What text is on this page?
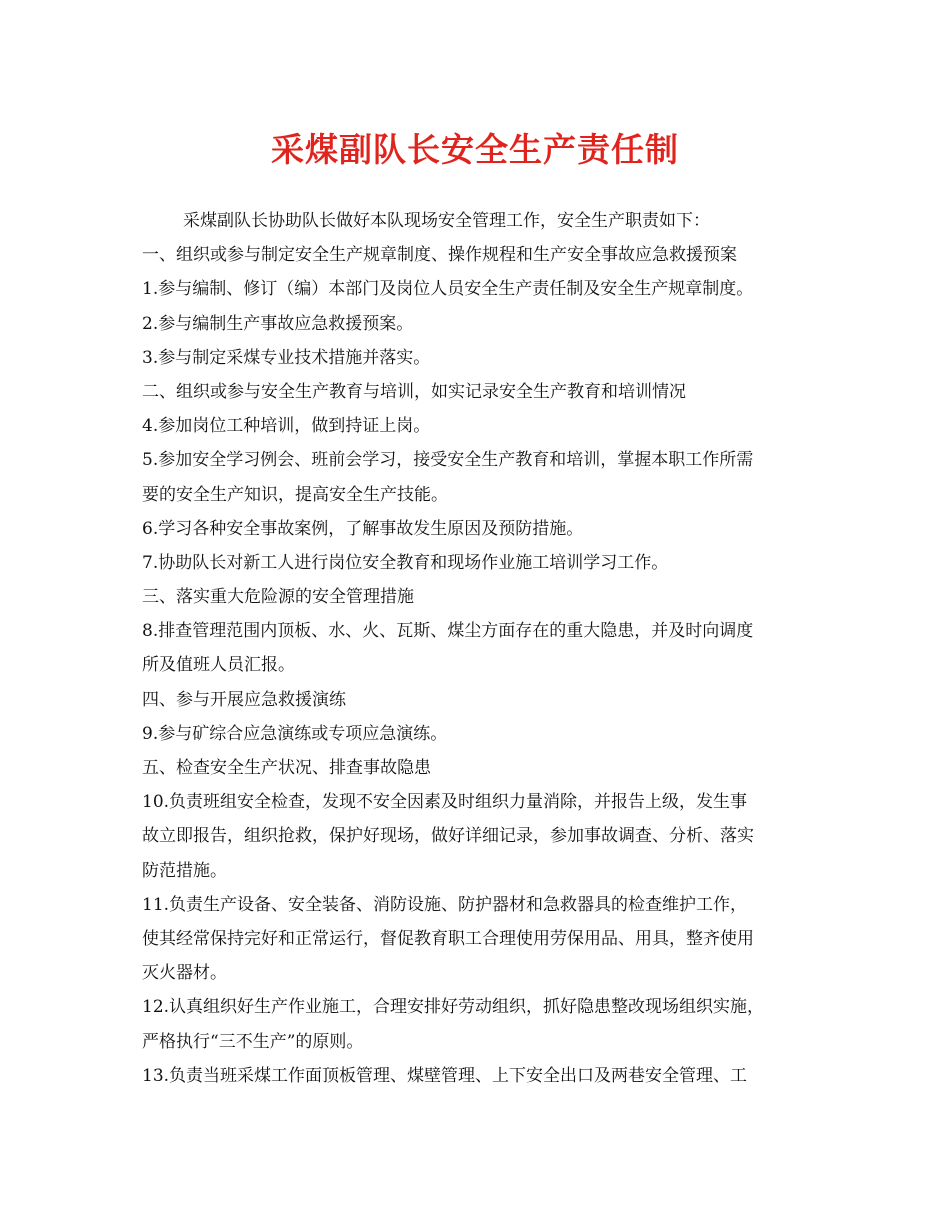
采煤副队长安全生产责任制
采煤副队长协助队长做好本队现场安全管理工作，安全生产职责如下：
一、组织或参与制定安全生产规章制度、操作规程和生产安全事故应急救援预案
1.参与编制、修订（编）本部门及岗位人员安全生产责任制及安全生产规章制度。
2.参与编制生产事故应急救援预案。
3.参与制定采煤专业技术措施并落实。
二、组织或参与安全生产教育与培训，如实记录安全生产教育和培训情况
4.参加岗位工种培训，做到持证上岗。
5.参加安全学习例会、班前会学习，接受安全生产教育和培训，掌握本职工作所需
要的安全生产知识，提高安全生产技能。
6.学习各种安全事故案例，了解事故发生原因及预防措施。
7.协助队长对新工人进行岗位安全教育和现场作业施工培训学习工作。
三、落实重大危险源的安全管理措施
8.排查管理范围内顶板、水、火、瓦斯、煤尘方面存在的重大隐患，并及时向调度
所及值班人员汇报。
四、参与开展应急救援演练
9.参与矿综合应急演练或专项应急演练。
五、检查安全生产状况、排查事故隐患
10.负责班组安全检查，发现不安全因素及时组织力量消除，并报告上级，发生事
故立即报告，组织抢救，保护好现场，做好详细记录，参加事故调查、分析、落实
防范措施。
11.负责生产设备、安全装备、消防设施、防护器材和急救器具的检查维护工作，
使其经常保持完好和正常运行，督促教育职工合理使用劳保用品、用具，整齐使用
灭火器材。
12.认真组织好生产作业施工，合理安排好劳动组织，抓好隐患整改现场组织实施，
严格执行“三不生产”的原则。
13.负责当班采煤工作面顶板管理、煤壁管理、上下安全出口及两巷安全管理、工
